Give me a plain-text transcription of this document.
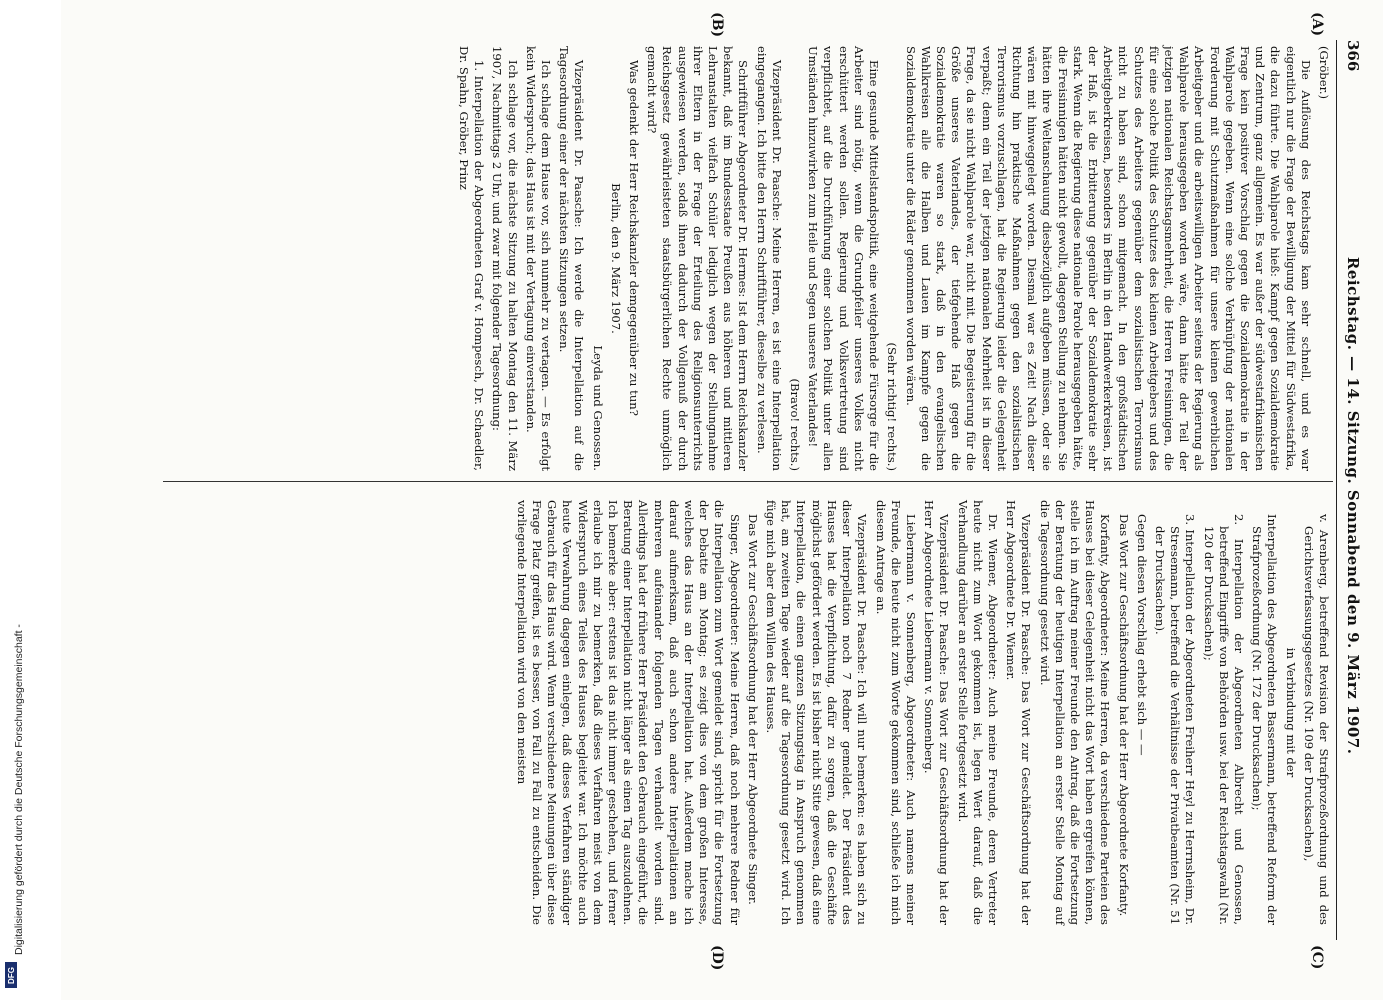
Digitalisierung gefördert durch die Deutsche Forschungsgemeinschaft -
DFG
366
Reichstag. — 14. Sitzung. Sonnabend den 9. März 1907.
(A)
(B)
(C)
(D)

(Gröber.)

Die Auflösung des Reichstags kam sehr schnell, und es war eigentlich nur die Frage der Bewilligung der Mittel für Südwestafrika, die dazu führte. Die Wahlparole hieß: Kampf gegen Sozialdemokratie und Zentrum, ganz allgemein. Es war außer der südwestafrikanischen Frage kein positiver Vorschlag gegen die Sozialdemokratie in der Wahlparole gegeben. Wenn eine solche Verknüpfung der nationalen Forderung mit Schutzmaßnahmen für unsere kleinen gewerblichen Arbeitgeber und die arbeitswilligen Arbeiter seitens der Regierung als Wahlparole herausgegeben worden wäre, dann hätte der Teil der jetzigen nationalen Reichstagsmehrheit, die Herren Freisinnigen, die für eine solche Politik des Schutzes des kleinen Arbeitgebers und des Schutzes des Arbeiters gegenüber dem sozialistischen Terrorismus nicht zu haben sind, schon mitgemacht. In den großstädtischen Arbeitgeberkreisen, besonders in Berlin in den Handwerkerkreisen, ist der Haß, ist die Erbitterung gegenüber der Sozialdemokratie sehr stark. Wenn die Regierung diese nationale Parole herausgegeben hätte, die Freisinnigen hätten nicht gewollt, dagegen Stellung zu nehmen. Sie hätten ihre Weltanschauung diesbezüglich aufgeben müssen, oder sie wären mit hinweggelegt worden. Diesmal war es Zeit! Nach dieser Richtung hin praktische Maßnahmen gegen den sozialistischen Terrorismus vorzuschlagen, hat die Regierung leider die Gelegenheit verpaßt; denn ein Teil der jetzigen nationalen Mehrheit ist in dieser Frage, da sie nicht Wahlparole war, nicht mit. Die Begeisterung für die Größe unseres Vaterlandes, der tiefgehende Haß gegen die Sozialdemokratie waren so stark, daß in den evangelischen Wahlkreisen alle die Halben und Lauen im Kampfe gegen die Sozialdemokratie unter die Räder genommen worden wären.

(Sehr richtig! rechts.)

Eine gesunde Mittelstandspolitik, eine weitgehende Fürsorge für die Arbeiter sind nötig, wenn die Grundpfeiler unseres Volkes nicht erschüttert werden sollen. Regierung und Volksvertretung sind verpflichtet, auf die Durchführung einer solchen Politik unter allen Umständen hinzuwirken zum Heile und Segen unseres Vaterlandes!

(Bravo! rechts.)

Vizepräsident Dr. Paasche: Meine Herren, es ist eine Interpellation eingegangen. Ich bitte den Herrn Schriftführer, dieselbe zu verlesen.

Schriftführer Abgeordneter Dr. Hermes: Ist dem Herrn Reichskanzler bekannt, daß im Bundesstaate Preußen aus höheren und mittleren Lehranstalten vielfach Schüler lediglich wegen der Stellungnahme ihrer Eltern in der Frage der Erteilung des Religionsunterrichts ausgewiesen werden, sodaß ihnen dadurch der Vollgenuß der durch Reichsgesetz gewährleisteten staatsbürgerlichen Rechte unmöglich gemacht wird?

Was gedenkt der Herr Reichskanzler demgegenüber zu tun?

Berlin, den 9. März 1907.

Leyda und Genossen.

Vizepräsident Dr. Paasche: Ich werde die Interpellation auf die Tagesordnung einer der nächsten Sitzungen setzen.

Ich schlage dem Hause vor, sich nunmehr zu vertagen. — Es erfolgt kein Widerspruch; das Haus ist mit der Vertagung einverstanden.

Ich schlage vor, die nächste Sitzung zu halten Montag den 11. März 1907, Nachmittags 2 Uhr, und zwar mit folgender Tagesordnung:

1. Interpellation der Abgeordneten Graf v. Hompesch, Dr. Schaedler, Dr. Spahn, Gröber, Prinz

v. Arenberg, betreffend Revision der Strafprozeßordnung und des Gerichtsverfassungsgesetzes (Nr. 109 der Drucksachen),

in Verbindung mit der

Interpellation des Abgeordneten Bassermann, betreffend Reform der Strafprozeßordnung (Nr. 172 der Drucksachen);

2. Interpellation der Abgeordneten Albrecht und Genossen, betreffend Eingriffe von Behörden usw. bei der Reichstagswahl (Nr. 120 der Drucksachen);

3. Interpellation der Abgeordneten Freiherr Heyl zu Herrnsheim, Dr. Stresemann, betreffend die Verhältnisse der Privatbeamten (Nr. 51 der Drucksachen).

Gegen diesen Vorschlag erhebt sich — —

Das Wort zur Geschäftsordnung hat der Herr Abgeordnete Korfanty.

Korfanty, Abgeordneter: Meine Herren, da verschiedene Parteien des Hauses bei dieser Gelegenheit nicht das Wort haben ergreifen können, stelle ich im Auftrag meiner Freunde den Antrag, daß die Fortsetzung der Beratung der heutigen Interpellation an erster Stelle Montag auf die Tagesordnung gesetzt wird.

Vizepräsident Dr. Paasche: Das Wort zur Geschäftsordnung hat der Herr Abgeordnete Dr. Wiemer.

Dr. Wiemer, Abgeordneter: Auch meine Freunde, deren Vertreter heute nicht zum Wort gekommen ist, legen Wert darauf, daß die Verhandlung darüber an erster Stelle fortgesetzt wird.

Vizepräsident Dr. Paasche: Das Wort zur Geschäftsordnung hat der Herr Abgeordnete Liebermann v. Sonnenberg.

Liebermann v. Sonnenberg, Abgeordneter: Auch namens meiner Freunde, die heute nicht zum Worte gekommen sind, schließe ich mich diesem Antrage an.

Vizepräsident Dr. Paasche: Ich will nur bemerken: es haben sich zu dieser Interpellation noch 7 Redner gemeldet. Der Präsident des Hauses hat die Verpflichtung, dafür zu sorgen, daß die Geschäfte möglichst gefördert werden. Es ist bisher nicht Sitte gewesen, daß eine Interpellation, die einen ganzen Sitzungstag in Anspruch genommen hat, am zweiten Tage wieder auf die Tagesordnung gesetzt wird. Ich füge mich aber dem Willen des Hauses.

Das Wort zur Geschäftsordnung hat der Herr Abgeordnete Singer.

Singer, Abgeordneter: Meine Herren, daß noch mehrere Redner für die Interpellation zum Wort gemeldet sind, spricht für die Fortsetzung der Debatte am Montag; es zeigt dies von dem großen Interesse, welches das Haus an der Interpellation hat. Außerdem mache ich darauf aufmerksam, daß auch schon andere Interpellationen an mehreren aufeinander folgenden Tagen verhandelt worden sind. Allerdings hat der frühere Herr Präsident den Gebrauch eingeführt, die Beratung einer Interpellation nicht länger als einen Tag auszudehnen. Ich bemerke aber: erstens ist das nicht immer geschehen, und ferner erlaube ich mir zu bemerken, daß dieses Verfahren meist von dem Widerspruch eines Teiles des Hauses begleitet war. Ich möchte auch heute Verwahrung dagegen einlegen, daß dieses Verfahren ständiger Gebrauch für das Haus wird. Wenn verschiedene Meinungen über diese Frage Platz greifen, ist es besser, von Fall zu Fall zu entscheiden. Die vorliegende Interpellation wird von den meisten
